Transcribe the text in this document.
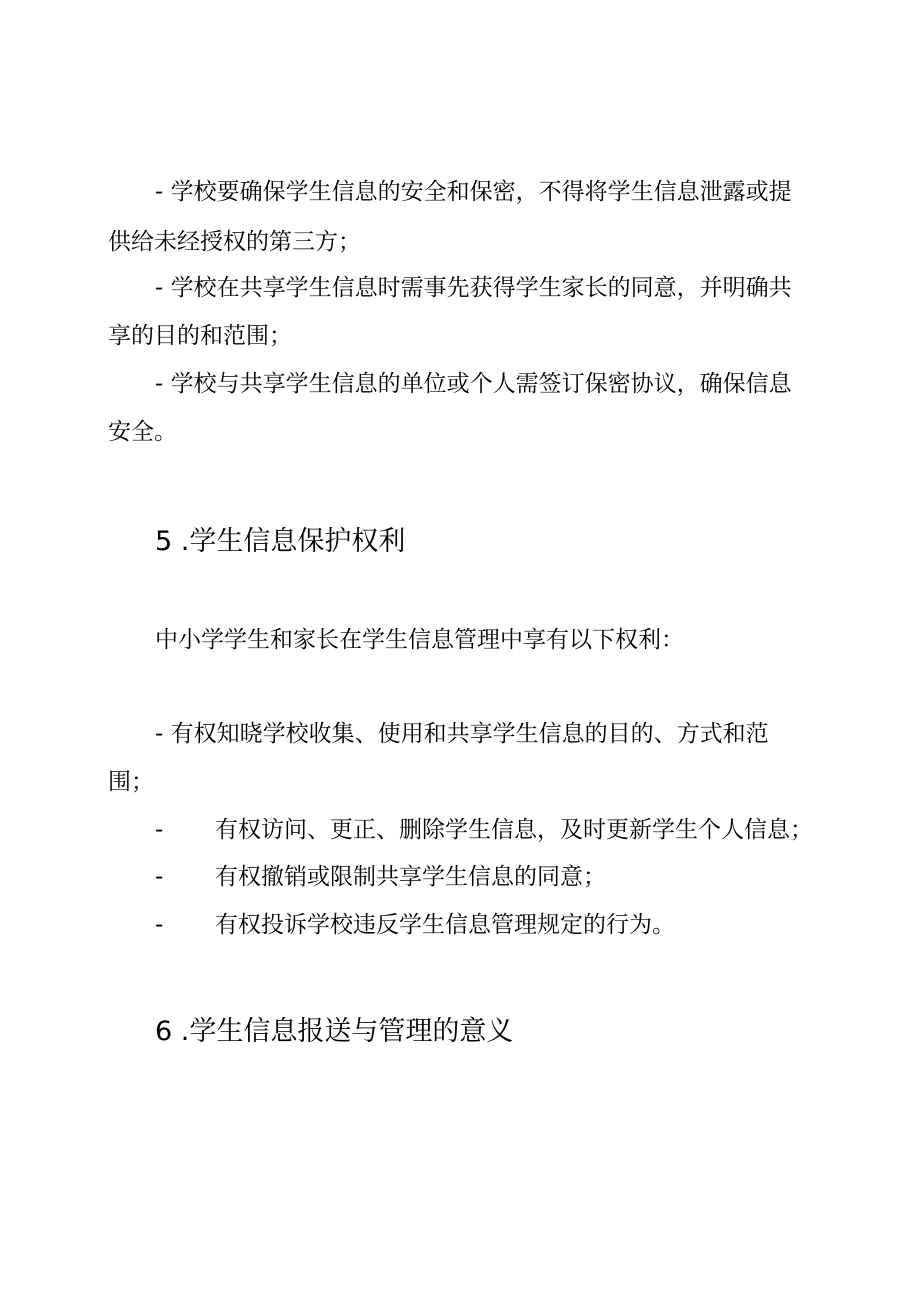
- 学校要确保学生信息的安全和保密，不得将学生信息泄露或提

供给未经授权的第三方；

- 学校在共享学生信息时需事先获得学生家长的同意，并明确共

享的目的和范围；

- 学校与共享学生信息的单位或个人需签订保密协议，确保信息

安全。

5 .学生信息保护权利

中小学学生和家长在学生信息管理中享有以下权利：

- 有权知晓学校收集、使用和共享学生信息的目的、方式和范

围；

- 有权访问、更正、删除学生信息，及时更新学生个人信息；

- 有权撤销或限制共享学生信息的同意；

- 有权投诉学校违反学生信息管理规定的行为。

6 .学生信息报送与管理的意义
